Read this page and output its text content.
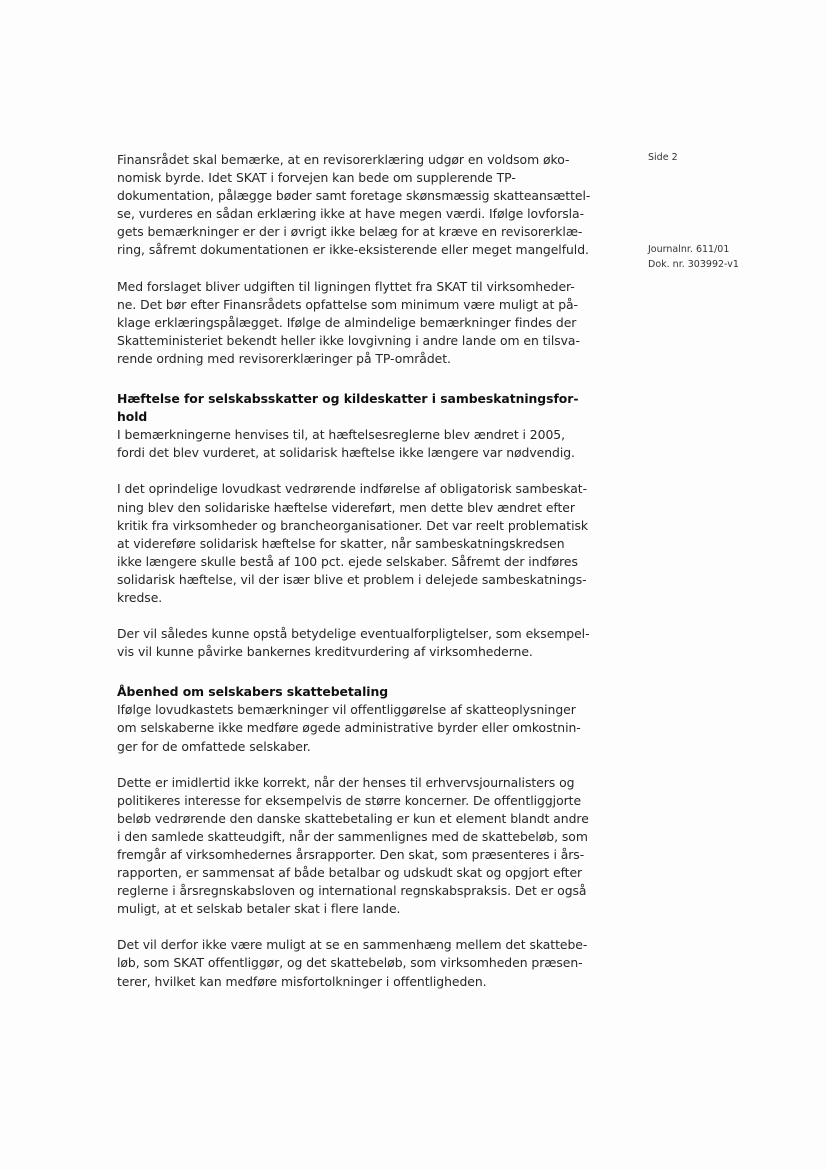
Side 2
Journalnr. 611/01
Dok. nr. 303992-v1

Finansrådet skal bemærke, at en revisorerklæring udgør en voldsom øko-
nomisk byrde. Idet SKAT i forvejen kan bede om supplerende TP-
dokumentation, pålægge bøder samt foretage skønsmæssig skatteansættel-
se, vurderes en sådan erklæring ikke at have megen værdi. Ifølge lovforsla-
gets bemærkninger er der i øvrigt ikke belæg for at kræve en revisorerklæ-
ring, såfremt dokumentationen er ikke-eksisterende eller meget mangelfuld.

Med forslaget bliver udgiften til ligningen flyttet fra SKAT til virksomheder-
ne. Det bør efter Finansrådets opfattelse som minimum være muligt at på-
klage erklæringspålægget. Ifølge de almindelige bemærkninger findes der
Skatteministeriet bekendt heller ikke lovgivning i andre lande om en tilsva-
rende ordning med revisorerklæringer på TP-området.

Hæftelse for selskabsskatter og kildeskatter i sambeskatningsfor-
hold

I bemærkningerne henvises til, at hæftelsesreglerne blev ændret i 2005,
fordi det blev vurderet, at solidarisk hæftelse ikke længere var nødvendig.

I det oprindelige lovudkast vedrørende indførelse af obligatorisk sambeskat-
ning blev den solidariske hæftelse videreført, men dette blev ændret efter
kritik fra virksomheder og brancheorganisationer. Det var reelt problematisk
at videreføre solidarisk hæftelse for skatter, når sambeskatningskredsen
ikke længere skulle bestå af 100 pct. ejede selskaber. Såfremt der indføres
solidarisk hæftelse, vil der især blive et problem i delejede sambeskatnings-
kredse.

Der vil således kunne opstå betydelige eventualforpligtelser, som eksempel-
vis vil kunne påvirke bankernes kreditvurdering af virksomhederne.

Åbenhed om selskabers skattebetaling

Ifølge lovudkastets bemærkninger vil offentliggørelse af skatteoplysninger
om selskaberne ikke medføre øgede administrative byrder eller omkostnin-
ger for de omfattede selskaber.

Dette er imidlertid ikke korrekt, når der henses til erhvervsjournalisters og
politikeres interesse for eksempelvis de større koncerner. De offentliggjorte
beløb vedrørende den danske skattebetaling er kun et element blandt andre
i den samlede skatteudgift, når der sammenlignes med de skattebeløb, som
fremgår af virksomhedernes årsrapporter. Den skat, som præsenteres i års-
rapporten, er sammensat af både betalbar og udskudt skat og opgjort efter
reglerne i årsregnskabsloven og international regnskabspraksis. Det er også
muligt, at et selskab betaler skat i flere lande.

Det vil derfor ikke være muligt at se en sammenhæng mellem det skattebe-
løb, som SKAT offentliggør, og det skattebeløb, som virksomheden præsen-
terer, hvilket kan medføre misfortolkninger i offentligheden.
